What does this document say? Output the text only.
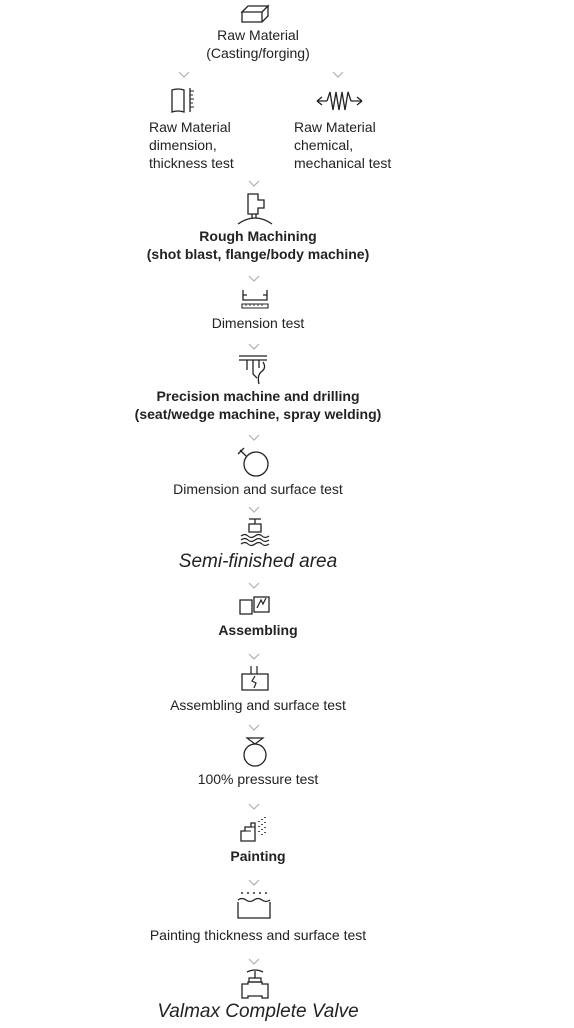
Raw Material
(Casting/forging)
Raw Material
dimension,
thickness test
Raw Material
chemical,
mechanical test
Rough Machining
(shot blast, flange/body machine)
Dimension test
Precision machine and drilling
(seat/wedge machine, spray welding)
Dimension and surface test
Semi-finished area
Assembling
Assembling and surface test
100% pressure test
Painting
Painting thickness and surface test
Valmax Complete Valve
